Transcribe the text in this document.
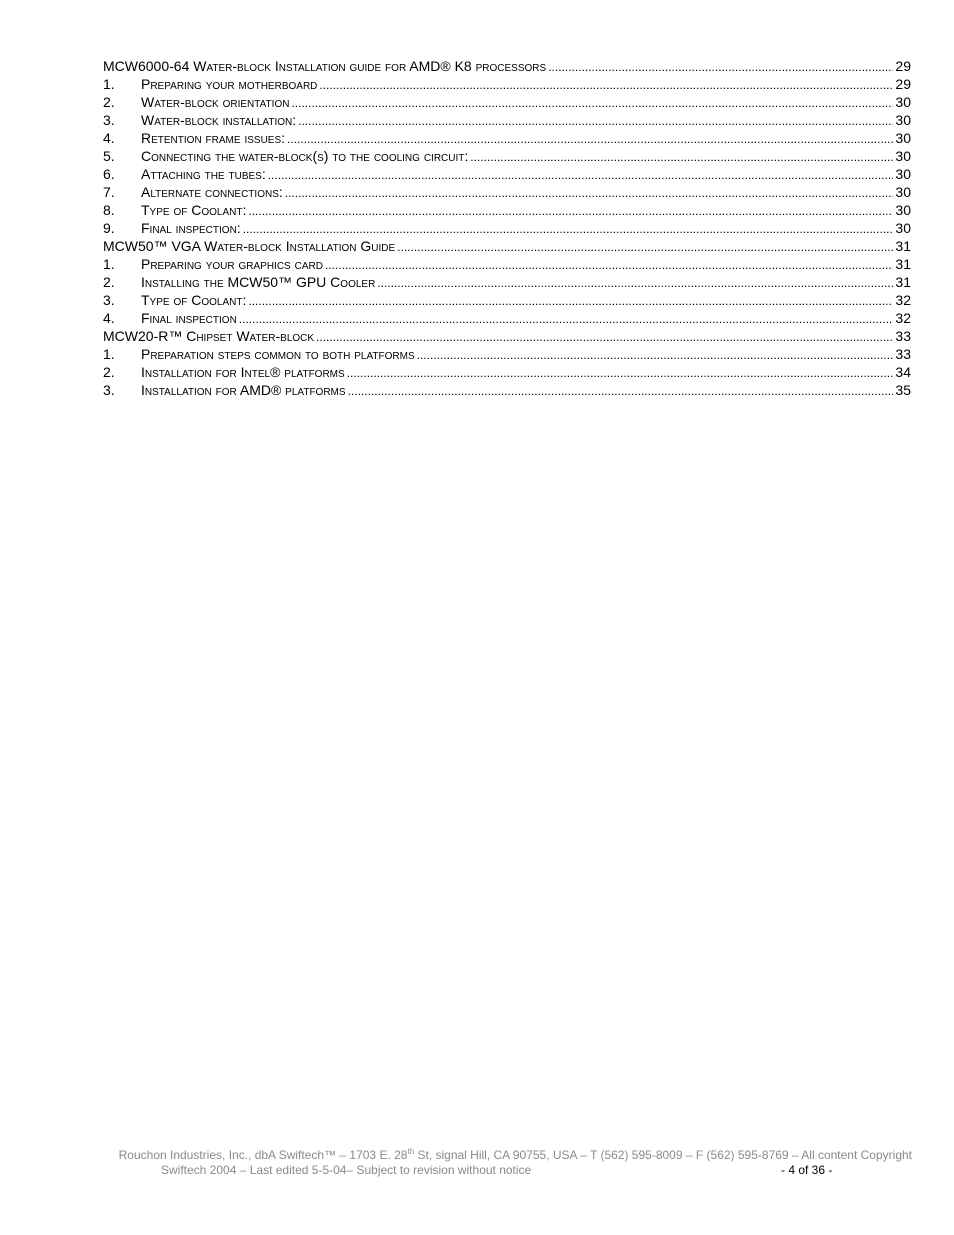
MCW6000-64 Water-block Installation guide for AMD® K8 processors .....	29
1.	Preparing your motherboard .....	29
2.	Water-block orientation .....	30
3.	Water-block installation: .....	30
4.	Retention frame issues: .....	30
5.	Connecting the water-block(s) to the cooling circuit: .....	30
6.	Attaching the tubes: .....	30
7.	Alternate connections: .....	30
8.	Type of Coolant: .....	30
9.	Final inspection: .....	30
MCW50™ VGA Water-block Installation Guide .....	31
1.	Preparing your graphics card .....	31
2.	Installing the MCW50™ GPU Cooler .....	31
3.	Type of Coolant: .....	32
4.	Final inspection .....	32
MCW20-R™ Chipset Water-block .....	33
1.	Preparation steps common to both platforms .....	33
2.	Installation for Intel® platforms .....	34
3.	Installation for AMD® platforms .....	35
Rouchon Industries, Inc., dbA Swiftech™ – 1703 E. 28th St, signal Hill, CA 90755, USA – T (562) 595-8009 – F (562) 595-8769 – All content Copyright
Swiftech 2004 – Last edited 5-5-04– Subject to revision without notice	- 4 of 36 -
